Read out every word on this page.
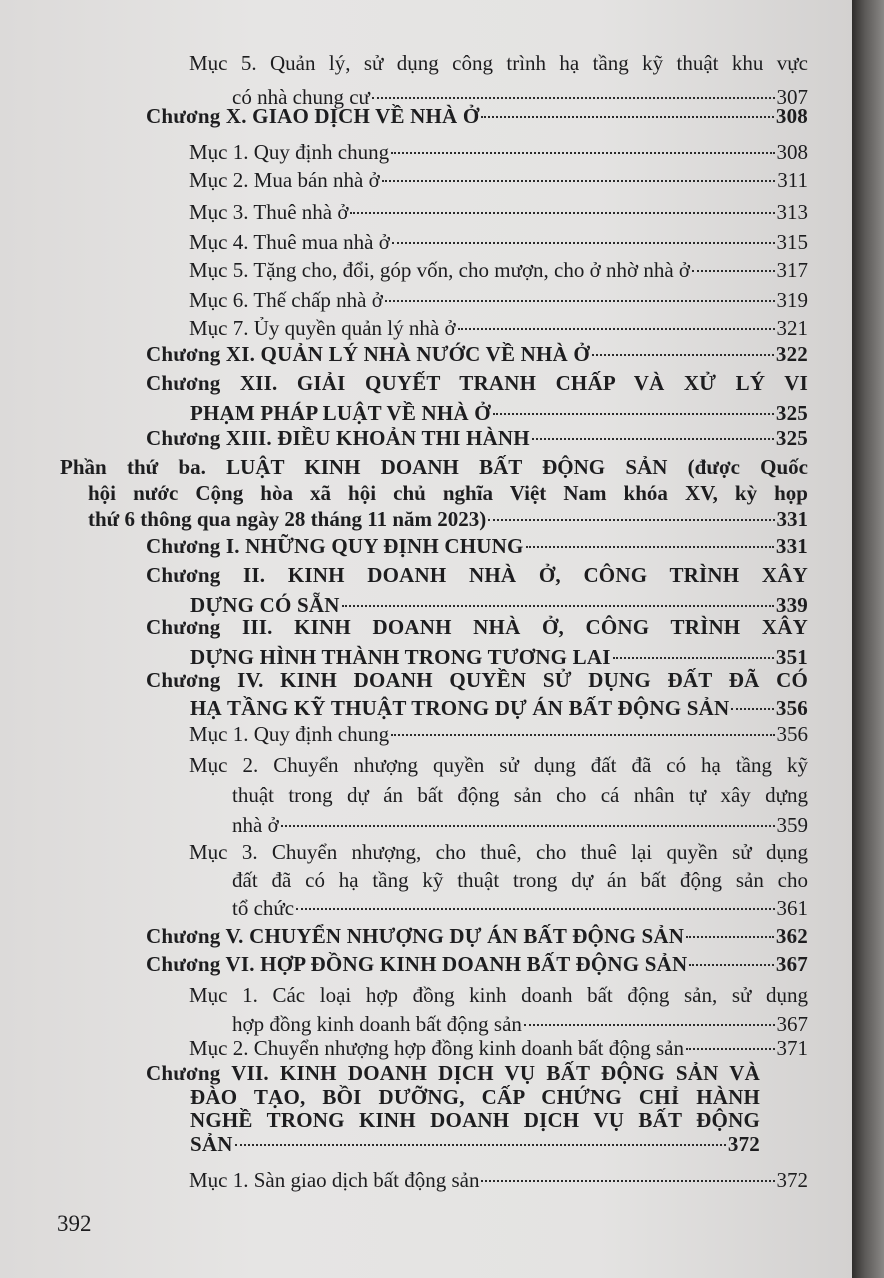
Mục 5. Quản lý, sử dụng công trình hạ tầng kỹ thuật khu vực
có nhà chung cư	307
Chương X. GIAO DỊCH VỀ NHÀ Ở	308
Mục 1. Quy định chung	308
Mục 2. Mua bán nhà ở	311
Mục 3. Thuê nhà ở	313
Mục 4. Thuê mua nhà ở	315
Mục 5. Tặng cho, đổi, góp vốn, cho mượn, cho ở nhờ nhà ở	317
Mục 6. Thế chấp nhà ở	319
Mục 7. Ủy quyền quản lý nhà ở	321
Chương XI. QUẢN LÝ NHÀ NƯỚC VỀ NHÀ Ở	322
Chương XII. GIẢI QUYẾT TRANH CHẤP VÀ XỬ LÝ VI
PHẠM PHÁP LUẬT VỀ NHÀ Ở	325
Chương XIII. ĐIỀU KHOẢN THI HÀNH	325
Phần thứ ba. LUẬT KINH DOANH BẤT ĐỘNG SẢN (được Quốc
hội nước Cộng hòa xã hội chủ nghĩa Việt Nam khóa XV, kỳ họp
thứ 6 thông qua ngày 28 tháng 11 năm 2023)	331
Chương I. NHỮNG QUY ĐỊNH CHUNG	331
Chương II. KINH DOANH NHÀ Ở, CÔNG TRÌNH XÂY
DỰNG CÓ SẴN	339
Chương III. KINH DOANH NHÀ Ở, CÔNG TRÌNH XÂY
DỰNG HÌNH THÀNH TRONG TƯƠNG LAI	351
Chương IV. KINH DOANH QUYỀN SỬ DỤNG ĐẤT ĐÃ CÓ
HẠ TẦNG KỸ THUẬT TRONG DỰ ÁN BẤT ĐỘNG SẢN 356
Mục 1. Quy định chung	356
Mục 2. Chuyển nhượng quyền sử dụng đất đã có hạ tầng kỹ
thuật trong dự án bất động sản cho cá nhân tự xây dựng
nhà ở	359
Mục 3. Chuyển nhượng, cho thuê, cho thuê lại quyền sử dụng
đất đã có hạ tầng kỹ thuật trong dự án bất động sản cho
tổ chức	361
Chương V. CHUYỂN NHƯỢNG DỰ ÁN BẤT ĐỘNG SẢN	362
Chương VI. HỢP ĐỒNG KINH DOANH BẤT ĐỘNG SẢN	367
Mục 1. Các loại hợp đồng kinh doanh bất động sản, sử dụng
hợp đồng kinh doanh bất động sản	367
Mục 2. Chuyển nhượng hợp đồng kinh doanh bất động sản	371
Chương VII. KINH DOANH DỊCH VỤ BẤT ĐỘNG SẢN VÀ
ĐÀO TẠO, BỒI DƯỠNG, CẤP CHỨNG CHỈ HÀNH
NGHỀ TRONG KINH DOANH DỊCH VỤ BẤT ĐỘNG
SẢN	372
Mục 1. Sàn giao dịch bất động sản	372
392
